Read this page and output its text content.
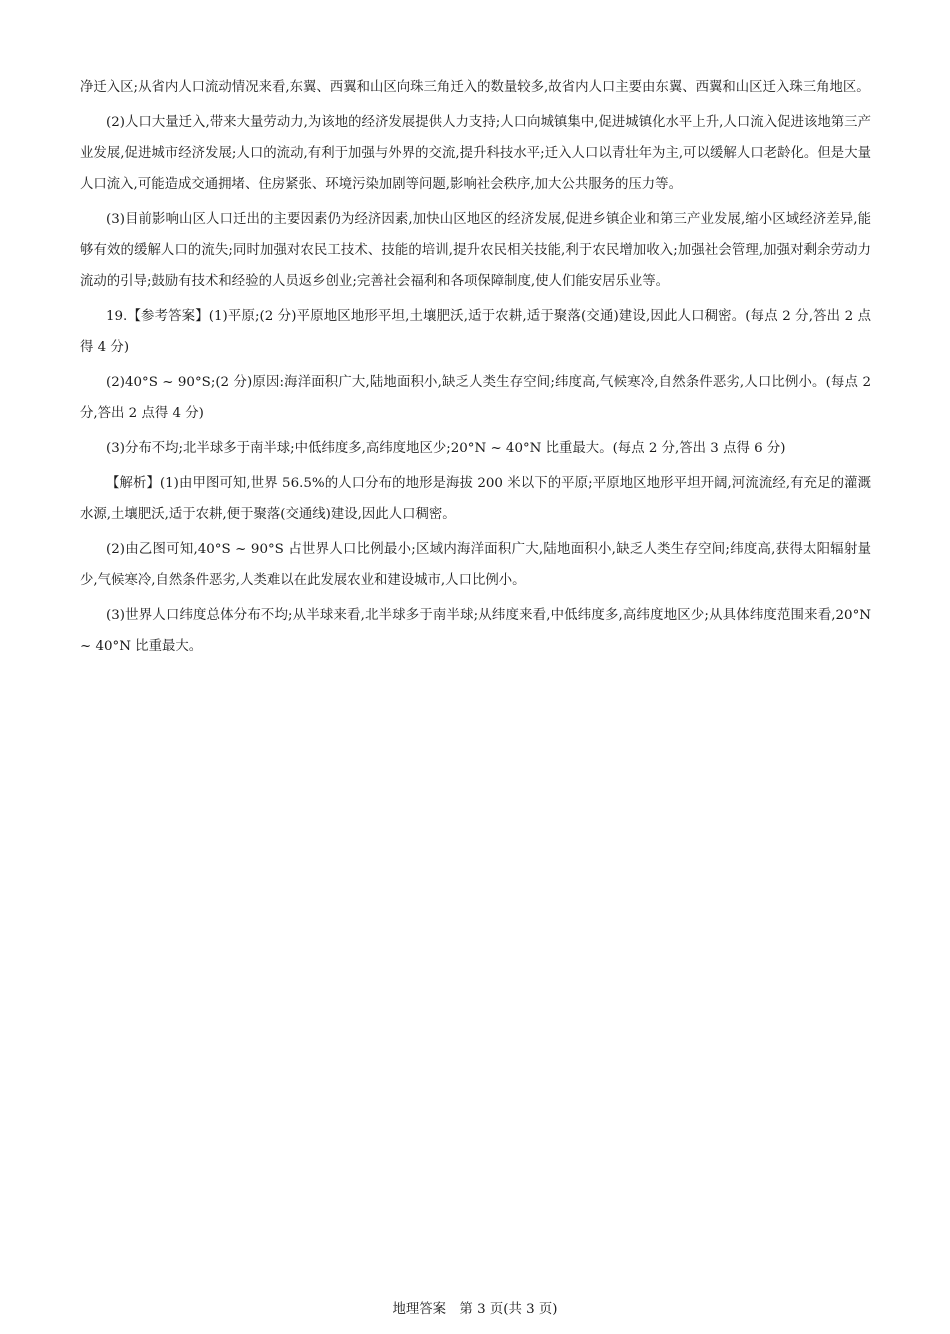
净迁入区;从省内人口流动情况来看,东翼、西翼和山区向珠三角迁入的数量较多,故省内人口主要由东翼、西翼和山区迁入珠三角地区。

(2)人口大量迁入,带来大量劳动力,为该地的经济发展提供人力支持;人口向城镇集中,促进城镇化水平上升,人口流入促进该地第三产业发展,促进城市经济发展;人口的流动,有利于加强与外界的交流,提升科技水平;迁入人口以青壮年为主,可以缓解人口老龄化。但是大量人口流入,可能造成交通拥堵、住房紧张、环境污染加剧等问题,影响社会秩序,加大公共服务的压力等。

(3)目前影响山区人口迁出的主要因素仍为经济因素,加快山区地区的经济发展,促进乡镇企业和第三产业发展,缩小区域经济差异,能够有效的缓解人口的流失;同时加强对农民工技术、技能的培训,提升农民相关技能,利于农民增加收入;加强社会管理,加强对剩余劳动力流动的引导;鼓励有技术和经验的人员返乡创业;完善社会福利和各项保障制度,使人们能安居乐业等。

19.【参考答案】(1)平原;(2 分)平原地区地形平坦,土壤肥沃,适于农耕,适于聚落(交通)建设,因此人口稠密。(每点 2 分,答出 2 点得 4 分)

(2)40°S ~ 90°S;(2 分)原因:海洋面积广大,陆地面积小,缺乏人类生存空间;纬度高,气候寒冷,自然条件恶劣,人口比例小。(每点 2 分,答出 2 点得 4 分)

(3)分布不均;北半球多于南半球;中低纬度多,高纬度地区少;20°N ~ 40°N 比重最大。(每点 2 分,答出 3 点得 6 分)

【解析】(1)由甲图可知,世界 56.5%的人口分布的地形是海拔 200 米以下的平原;平原地区地形平坦开阔,河流流经,有充足的灌溉水源,土壤肥沃,适于农耕,便于聚落(交通线)建设,因此人口稠密。

(2)由乙图可知,40°S ~ 90°S 占世界人口比例最小;区域内海洋面积广大,陆地面积小,缺乏人类生存空间;纬度高,获得太阳辐射量少,气候寒冷,自然条件恶劣,人类难以在此发展农业和建设城市,人口比例小。

(3)世界人口纬度总体分布不均;从半球来看,北半球多于南半球;从纬度来看,中低纬度多,高纬度地区少;从具体纬度范围来看,20°N ~ 40°N 比重最大。

地理答案　第 3 页(共 3 页)
